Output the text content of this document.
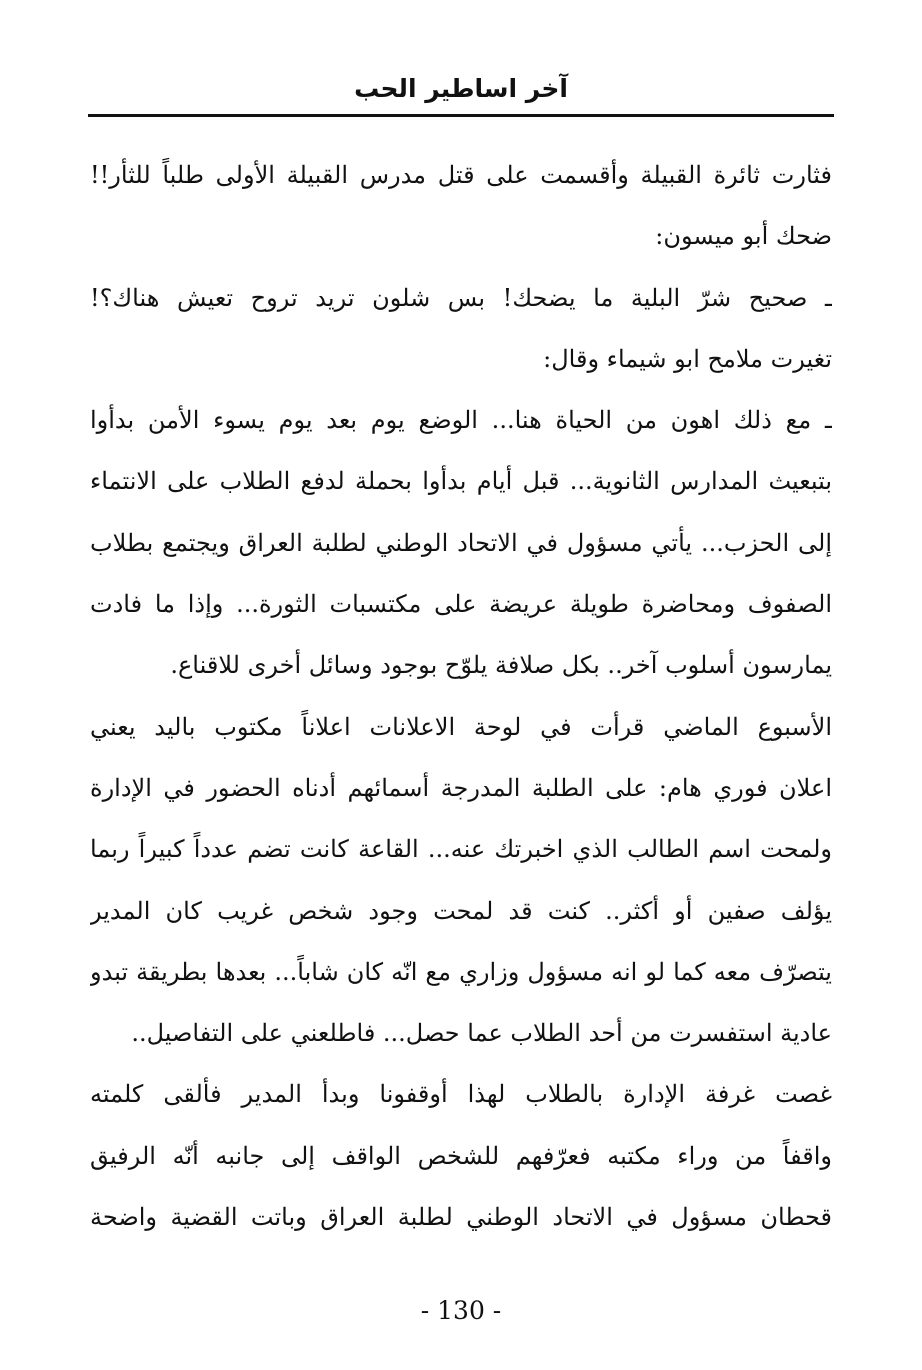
آخر اساطير الحب
فثارت ثائرة القبيلة وأقسمت على قتل مدرس القبيلة الأولى طلباً للثأر!!
ضحك أبو ميسون:
ـ صحيح شرّ البلية ما يضحك! بس شلون تريد تروح تعيش هناك؟!
تغيرت ملامح ابو شيماء وقال:
ـ مع ذلك اهون من الحياة هنا... الوضع يوم بعد يوم يسوء الأمن بدأوا
بتبعيث المدارس الثانوية... قبل أيام بدأوا بحملة لدفع الطلاب على الانتماء
إلى الحزب... يأتي مسؤول في الاتحاد الوطني لطلبة العراق ويجتمع بطلاب
الصفوف ومحاضرة طويلة عريضة على مكتسبات الثورة... وإذا ما فادت
يمارسون أسلوب آخر.. بكل صلافة يلوّح بوجود وسائل أخرى للاقناع.
الأسبوع الماضي قرأت في لوحة الاعلانات اعلاناً مكتوب باليد يعني
اعلان فوري هام: على الطلبة المدرجة أسمائهم أدناه الحضور في الإدارة
ولمحت اسم الطالب الذي اخبرتك عنه... القاعة كانت تضم عدداً كبيراً ربما
يؤلف صفين أو أكثر.. كنت قد لمحت وجود شخص غريب كان المدير
يتصرّف معه كما لو انه مسؤول وزاري مع انّه كان شاباً... بعدها بطريقة تبدو
عادية استفسرت من أحد الطلاب عما حصل... فاطلعني على التفاصيل..
غصت غرفة الإدارة بالطلاب لهذا أوقفونا وبدأ المدير فألقى كلمته
واقفاً من وراء مكتبه فعرّفهم للشخص الواقف إلى جانبه أنّه الرفيق
قحطان مسؤول في الاتحاد الوطني لطلبة العراق وباتت القضية واضحة
- 130 -
